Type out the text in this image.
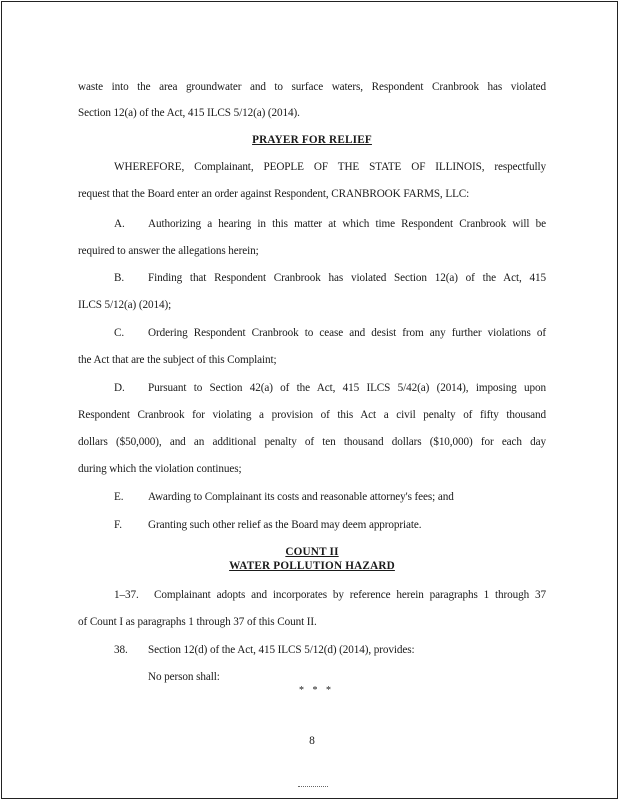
waste into the area groundwater and to surface waters, Respondent Cranbrook has violated
Section 12(a) of the Act, 415 ILCS 5/12(a) (2014).
PRAYER FOR RELIEF
WHEREFORE, Complainant, PEOPLE OF THE STATE OF ILLINOIS, respectfully
request that the Board enter an order against Respondent, CRANBROOK FARMS, LLC:
A.	Authorizing a hearing in this matter at which time Respondent Cranbrook will be
required to answer the allegations herein;
B.	Finding that Respondent Cranbrook has violated Section 12(a) of the Act, 415
ILCS 5/12(a) (2014);
C.	Ordering Respondent Cranbrook to cease and desist from any further violations of
the Act that are the subject of this Complaint;
D.	Pursuant to Section 42(a) of the Act, 415 ILCS 5/42(a) (2014), imposing upon
Respondent Cranbrook for violating a provision of this Act a civil penalty of fifty thousand
dollars ($50,000), and an additional penalty of ten thousand dollars ($10,000) for each day
during which the violation continues;
E.	Awarding to Complainant its costs and reasonable attorney's fees; and
F.	Granting such other relief as the Board may deem appropriate.
COUNT II
WATER POLLUTION HAZARD
1–37.	Complainant adopts and incorporates by reference herein paragraphs 1 through 37
of Count I as paragraphs 1 through 37 of this Count II.
38.	Section 12(d) of the Act, 415 ILCS 5/12(d) (2014), provides:
No person shall:
* * *
8
